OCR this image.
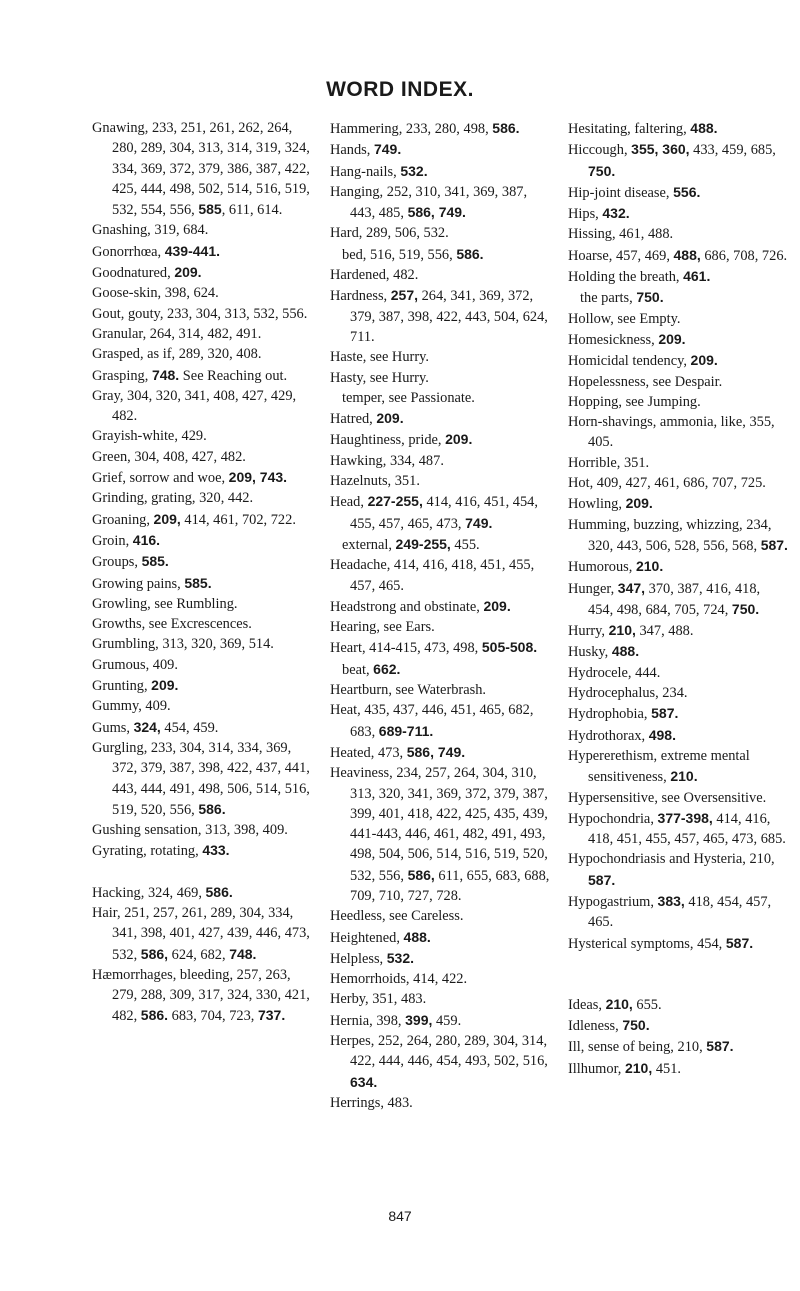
WORD INDEX.

Gnawing, 233, 251, 261, 262, 264, 280, 289, 304, 313, 314, 319, 324, 334, 369, 372, 379, 386, 387, 422, 425, 444, 498, 502, 514, 516, 519, 532, 554, 556, 585, 611, 614.

Gnashing, 319, 684.

Gonorrhœa, 439-441.

Goodnatured, 209.

Goose-skin, 398, 624.

Gout, gouty, 233, 304, 313, 532, 556.

Granular, 264, 314, 482, 491.

Grasped, as if, 289, 320, 408.

Grasping, 748. See Reaching out.

Gray, 304, 320, 341, 408, 427, 429, 482.

Grayish-white, 429.

Green, 304, 408, 427, 482.

Grief, sorrow and woe, 209, 743.

Grinding, grating, 320, 442.

Groaning, 209, 414, 461, 702, 722.

Groin, 416.

Groups, 585.

Growing pains, 585.

Growling, see Rumbling.

Growths, see Excrescences.

Grumbling, 313, 320, 369, 514.

Grumous, 409.

Grunting, 209.

Gummy, 409.

Gums, 324, 454, 459.

Gurgling, 233, 304, 314, 334, 369, 372, 379, 387, 398, 422, 437, 441, 443, 444, 491, 498, 506, 514, 516, 519, 520, 556, 586.

Gushing sensation, 313, 398, 409.

Gyrating, rotating, 433.

Hacking, 324, 469, 586.

Hair, 251, 257, 261, 289, 304, 334, 341, 398, 401, 427, 439, 446, 473, 532, 586, 624, 682, 748.

Hæmorrhages, bleeding, 257, 263, 279, 288, 309, 317, 324, 330, 421, 482, 586. 683, 704, 723, 737.

Hammering, 233, 280, 498, 586.

Hands, 749.

Hang-nails, 532.

Hanging, 252, 310, 341, 369, 387, 443, 485, 586, 749.

Hard, 289, 506, 532.

bed, 516, 519, 556, 586.

Hardened, 482.

Hardness, 257, 264, 341, 369, 372, 379, 387, 398, 422, 443, 504, 624, 711.

Haste, see Hurry.

Hasty, see Hurry.

temper, see Passionate.

Hatred, 209.

Haughtiness, pride, 209.

Hawking, 334, 487.

Hazelnuts, 351.

Head, 227-255, 414, 416, 451, 454, 455, 457, 465, 473, 749.

external, 249-255, 455.

Headache, 414, 416, 418, 451, 455, 457, 465.

Headstrong and obstinate, 209.

Hearing, see Ears.

Heart, 414-415, 473, 498, 505-508.

beat, 662.

Heartburn, see Waterbrash.

Heat, 435, 437, 446, 451, 465, 682, 683, 689-711.

Heated, 473, 586, 749.

Heaviness, 234, 257, 264, 304, 310, 313, 320, 341, 369, 372, 379, 387, 399, 401, 418, 422, 425, 435, 439, 441-443, 446, 461, 482, 491, 493, 498, 504, 506, 514, 516, 519, 520, 532, 556, 586, 611, 655, 683, 688, 709, 710, 727, 728.

Heedless, see Careless.

Heightened, 488.

Helpless, 532.

Hemorrhoids, 414, 422.

Herby, 351, 483.

Hernia, 398, 399, 459.

Herpes, 252, 264, 280, 289, 304, 314, 422, 444, 446, 454, 493, 502, 516, 634.

Herrings, 483.

Hesitating, faltering, 488.

Hiccough, 355, 360, 433, 459, 685, 750.

Hip-joint disease, 556.

Hips, 432.

Hissing, 461, 488.

Hoarse, 457, 469, 488, 686, 708, 726.

Holding the breath, 461.

the parts, 750.

Hollow, see Empty.

Homesickness, 209.

Homicidal tendency, 209.

Hopelessness, see Despair.

Hopping, see Jumping.

Horn-shavings, ammonia, like, 355, 405.

Horrible, 351.

Hot, 409, 427, 461, 686, 707, 725.

Howling, 209.

Humming, buzzing, whizzing, 234, 320, 443, 506, 528, 556, 568, 587.

Humorous, 210.

Hunger, 347, 370, 387, 416, 418, 454, 498, 684, 705, 724, 750.

Hurry, 210, 347, 488.

Husky, 488.

Hydrocele, 444.

Hydrocephalus, 234.

Hydrophobia, 587.

Hydrothorax, 498.

Hypererethism, extreme mental sensitiveness, 210.

Hypersensitive, see Oversensitive.

Hypochondria, 377-398, 414, 416, 418, 451, 455, 457, 465, 473, 685.

Hypochondriasis and Hysteria, 210, 587.

Hypogastrium, 383, 418, 454, 457, 465.

Hysterical symptoms, 454, 587.

Ideas, 210, 655.

Idleness, 750.

Ill, sense of being, 210, 587.

Illhumor, 210, 451.

847
